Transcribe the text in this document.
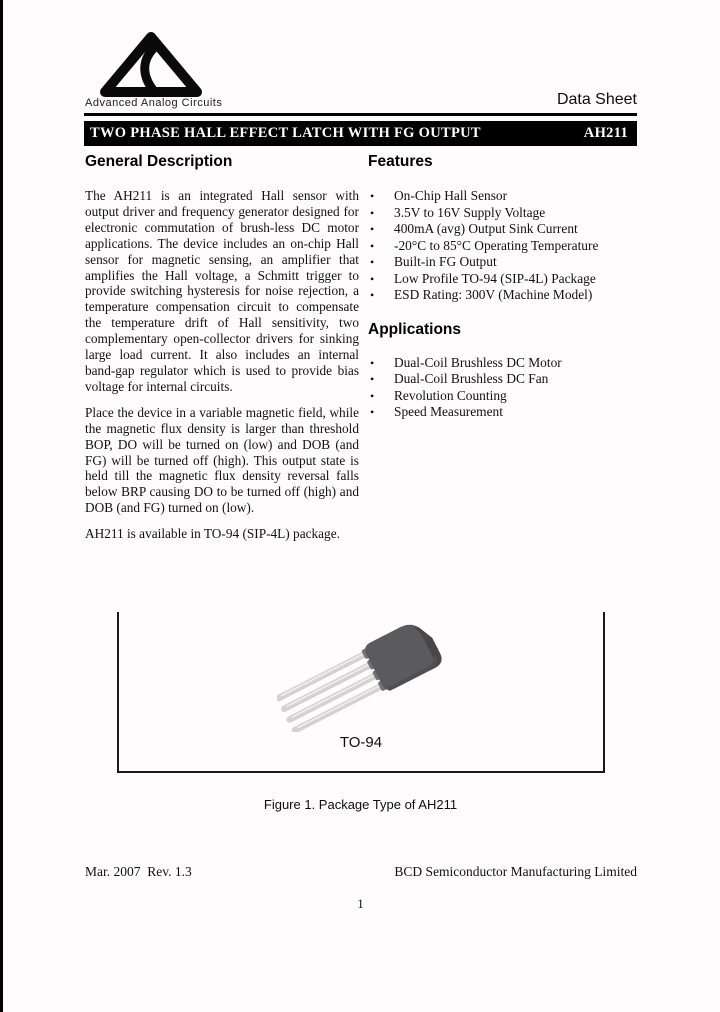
Advanced Analog Circuits	Data Sheet
TWO PHASE HALL EFFECT LATCH WITH FG OUTPUT	AH211
General Description

The AH211 is an integrated Hall sensor with output driver and frequency generator designed for electronic commutation of brush-less DC motor applications. The device includes an on-chip Hall sensor for magnetic sensing, an amplifier that amplifies the Hall voltage, a Schmitt trigger to provide switching hysteresis for noise rejection, a temperature compensation circuit to compensate the temperature drift of Hall sensitivity, two complementary open-collector drivers for sinking large load current. It also includes an internal band-gap regulator which is used to provide bias voltage for internal circuits.

Place the device in a variable magnetic field, while the magnetic flux density is larger than threshold BOP, DO will be turned on (low) and DOB (and FG) will be turned off (high). This output state is held till the magnetic flux density reversal falls below BRP causing DO to be turned off (high) and DOB (and FG) turned on (low).

AH211 is available in TO-94 (SIP-4L) package.

Features
• On-Chip Hall Sensor
• 3.5V to 16V Supply Voltage
• 400mA (avg) Output Sink Current
• -20°C to 85°C Operating Temperature
• Built-in FG Output
• Low Profile TO-94 (SIP-4L) Package
• ESD Rating: 300V (Machine Model)
Applications
• Dual-Coil Brushless DC Motor
• Dual-Coil Brushless DC Fan
• Revolution Counting
• Speed Measurement
TO-94
Figure 1. Package Type of AH211
Mar. 2007  Rev. 1.3	BCD Semiconductor Manufacturing Limited
1
